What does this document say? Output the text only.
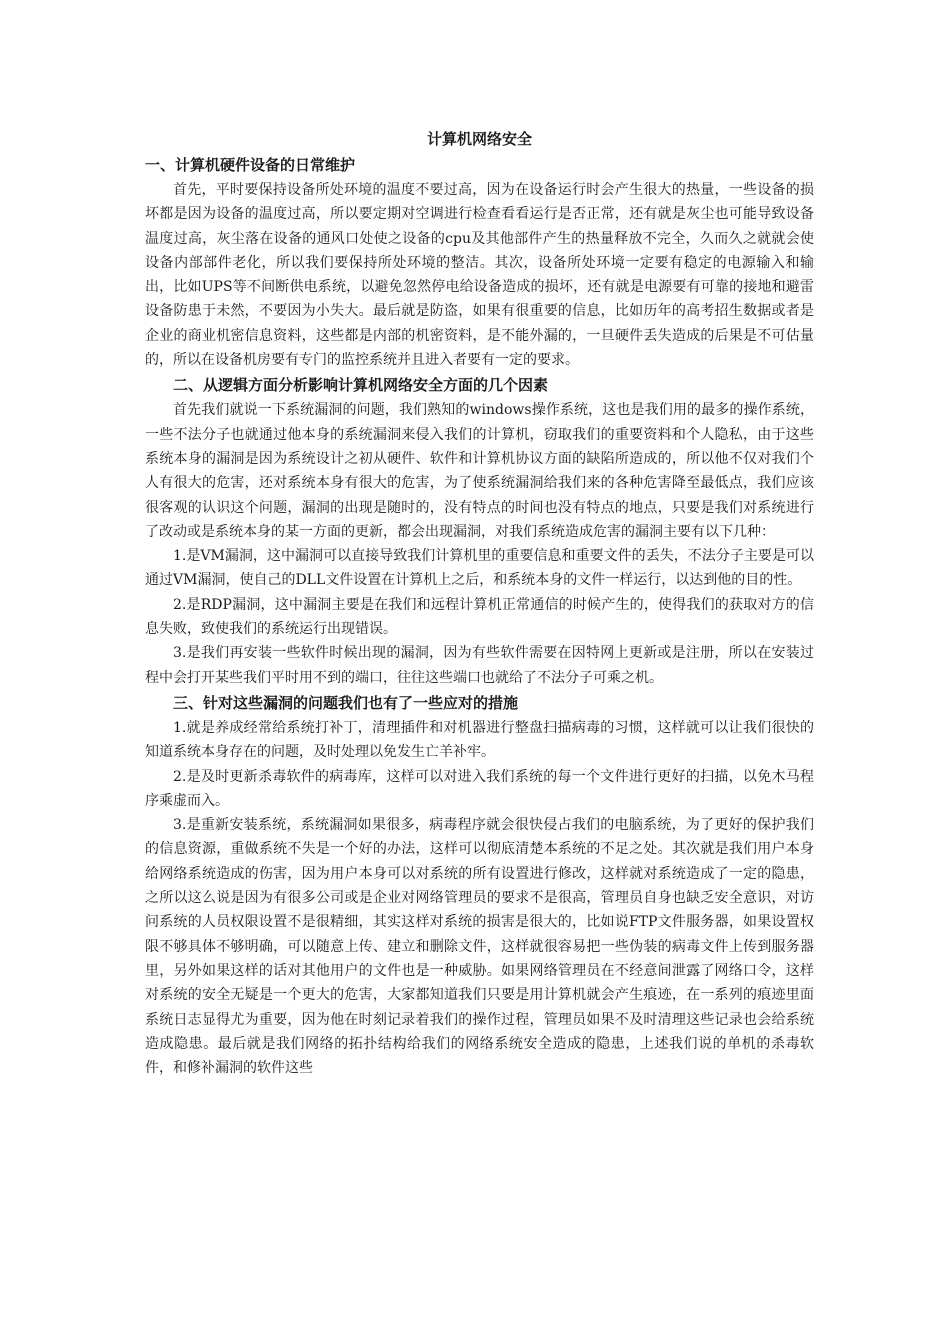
计算机网络安全
一、计算机硬件设备的日常维护

首先，平时要保持设备所处环境的温度不要过高，因为在设备运行时会产生很大的热量，一些设备的损坏都是因为设备的温度过高，所以要定期对空调进行检查看看运行是否正常，还有就是灰尘也可能导致设备温度过高，灰尘落在设备的通风口处使之设备的cpu及其他部件产生的热量释放不完全，久而久之就就会使设备内部部件老化，所以我们要保持所处环境的整洁。其次，设备所处环境一定要有稳定的电源输入和输出，比如UPS等不间断供电系统，以避免忽然停电给设备造成的损坏，还有就是电源要有可靠的接地和避雷设备防患于未然，不要因为小失大。最后就是防盗，如果有很重要的信息，比如历年的高考招生数据或者是企业的商业机密信息资料，这些都是内部的机密资料，是不能外漏的，一旦硬件丢失造成的后果是不可估量的，所以在设备机房要有专门的监控系统并且进入者要有一定的要求。

二、从逻辑方面分析影响计算机网络安全方面的几个因素

首先我们就说一下系统漏洞的问题，我们熟知的windows操作系统，这也是我们用的最多的操作系统，一些不法分子也就通过他本身的系统漏洞来侵入我们的计算机，窃取我们的重要资料和个人隐私，由于这些系统本身的漏洞是因为系统设计之初从硬件、软件和计算机协议方面的缺陷所造成的，所以他不仅对我们个人有很大的危害，还对系统本身有很大的危害，为了使系统漏洞给我们来的各种危害降至最低点，我们应该很客观的认识这个问题，漏洞的出现是随时的，没有特点的时间也没有特点的地点，只要是我们对系统进行了改动或是系统本身的某一方面的更新，都会出现漏洞，对我们系统造成危害的漏洞主要有以下几种：

1.是VM漏洞，这中漏洞可以直接导致我们计算机里的重要信息和重要文件的丢失，不法分子主要是可以通过VM漏洞，使自己的DLL文件设置在计算机上之后，和系统本身的文件一样运行，以达到他的目的性。

2.是RDP漏洞，这中漏洞主要是在我们和远程计算机正常通信的时候产生的，使得我们的获取对方的信息失败，致使我们的系统运行出现错误。

3.是我们再安装一些软件时候出现的漏洞，因为有些软件需要在因特网上更新或是注册，所以在安装过程中会打开某些我们平时用不到的端口，往往这些端口也就给了不法分子可乘之机。

三、针对这些漏洞的问题我们也有了一些应对的措施

1.就是养成经常给系统打补丁，清理插件和对机器进行整盘扫描病毒的习惯，这样就可以让我们很快的知道系统本身存在的问题，及时处理以免发生亡羊补牢。

2.是及时更新杀毒软件的病毒库，这样可以对进入我们系统的每一个文件进行更好的扫描，以免木马程序乘虚而入。

3.是重新安装系统，系统漏洞如果很多，病毒程序就会很快侵占我们的电脑系统，为了更好的保护我们的信息资源，重做系统不失是一个好的办法，这样可以彻底清楚本系统的不足之处。其次就是我们用户本身给网络系统造成的伤害，因为用户本身可以对系统的所有设置进行修改，这样就对系统造成了一定的隐患，之所以这么说是因为有很多公司或是企业对网络管理员的要求不是很高，管理员自身也缺乏安全意识，对访问系统的人员权限设置不是很精细，其实这样对系统的损害是很大的，比如说FTP文件服务器，如果设置权限不够具体不够明确，可以随意上传、建立和删除文件，这样就很容易把一些伪装的病毒文件上传到服务器里，另外如果这样的话对其他用户的文件也是一种威胁。如果网络管理员在不经意间泄露了网络口令，这样对系统的安全无疑是一个更大的危害，大家都知道我们只要是用计算机就会产生痕迹，在一系列的痕迹里面系统日志显得尤为重要，因为他在时刻记录着我们的操作过程，管理员如果不及时清理这些记录也会给系统造成隐患。最后就是我们网络的拓扑结构给我们的网络系统安全造成的隐患，上述我们说的单机的杀毒软件，和修补漏洞的软件这些
